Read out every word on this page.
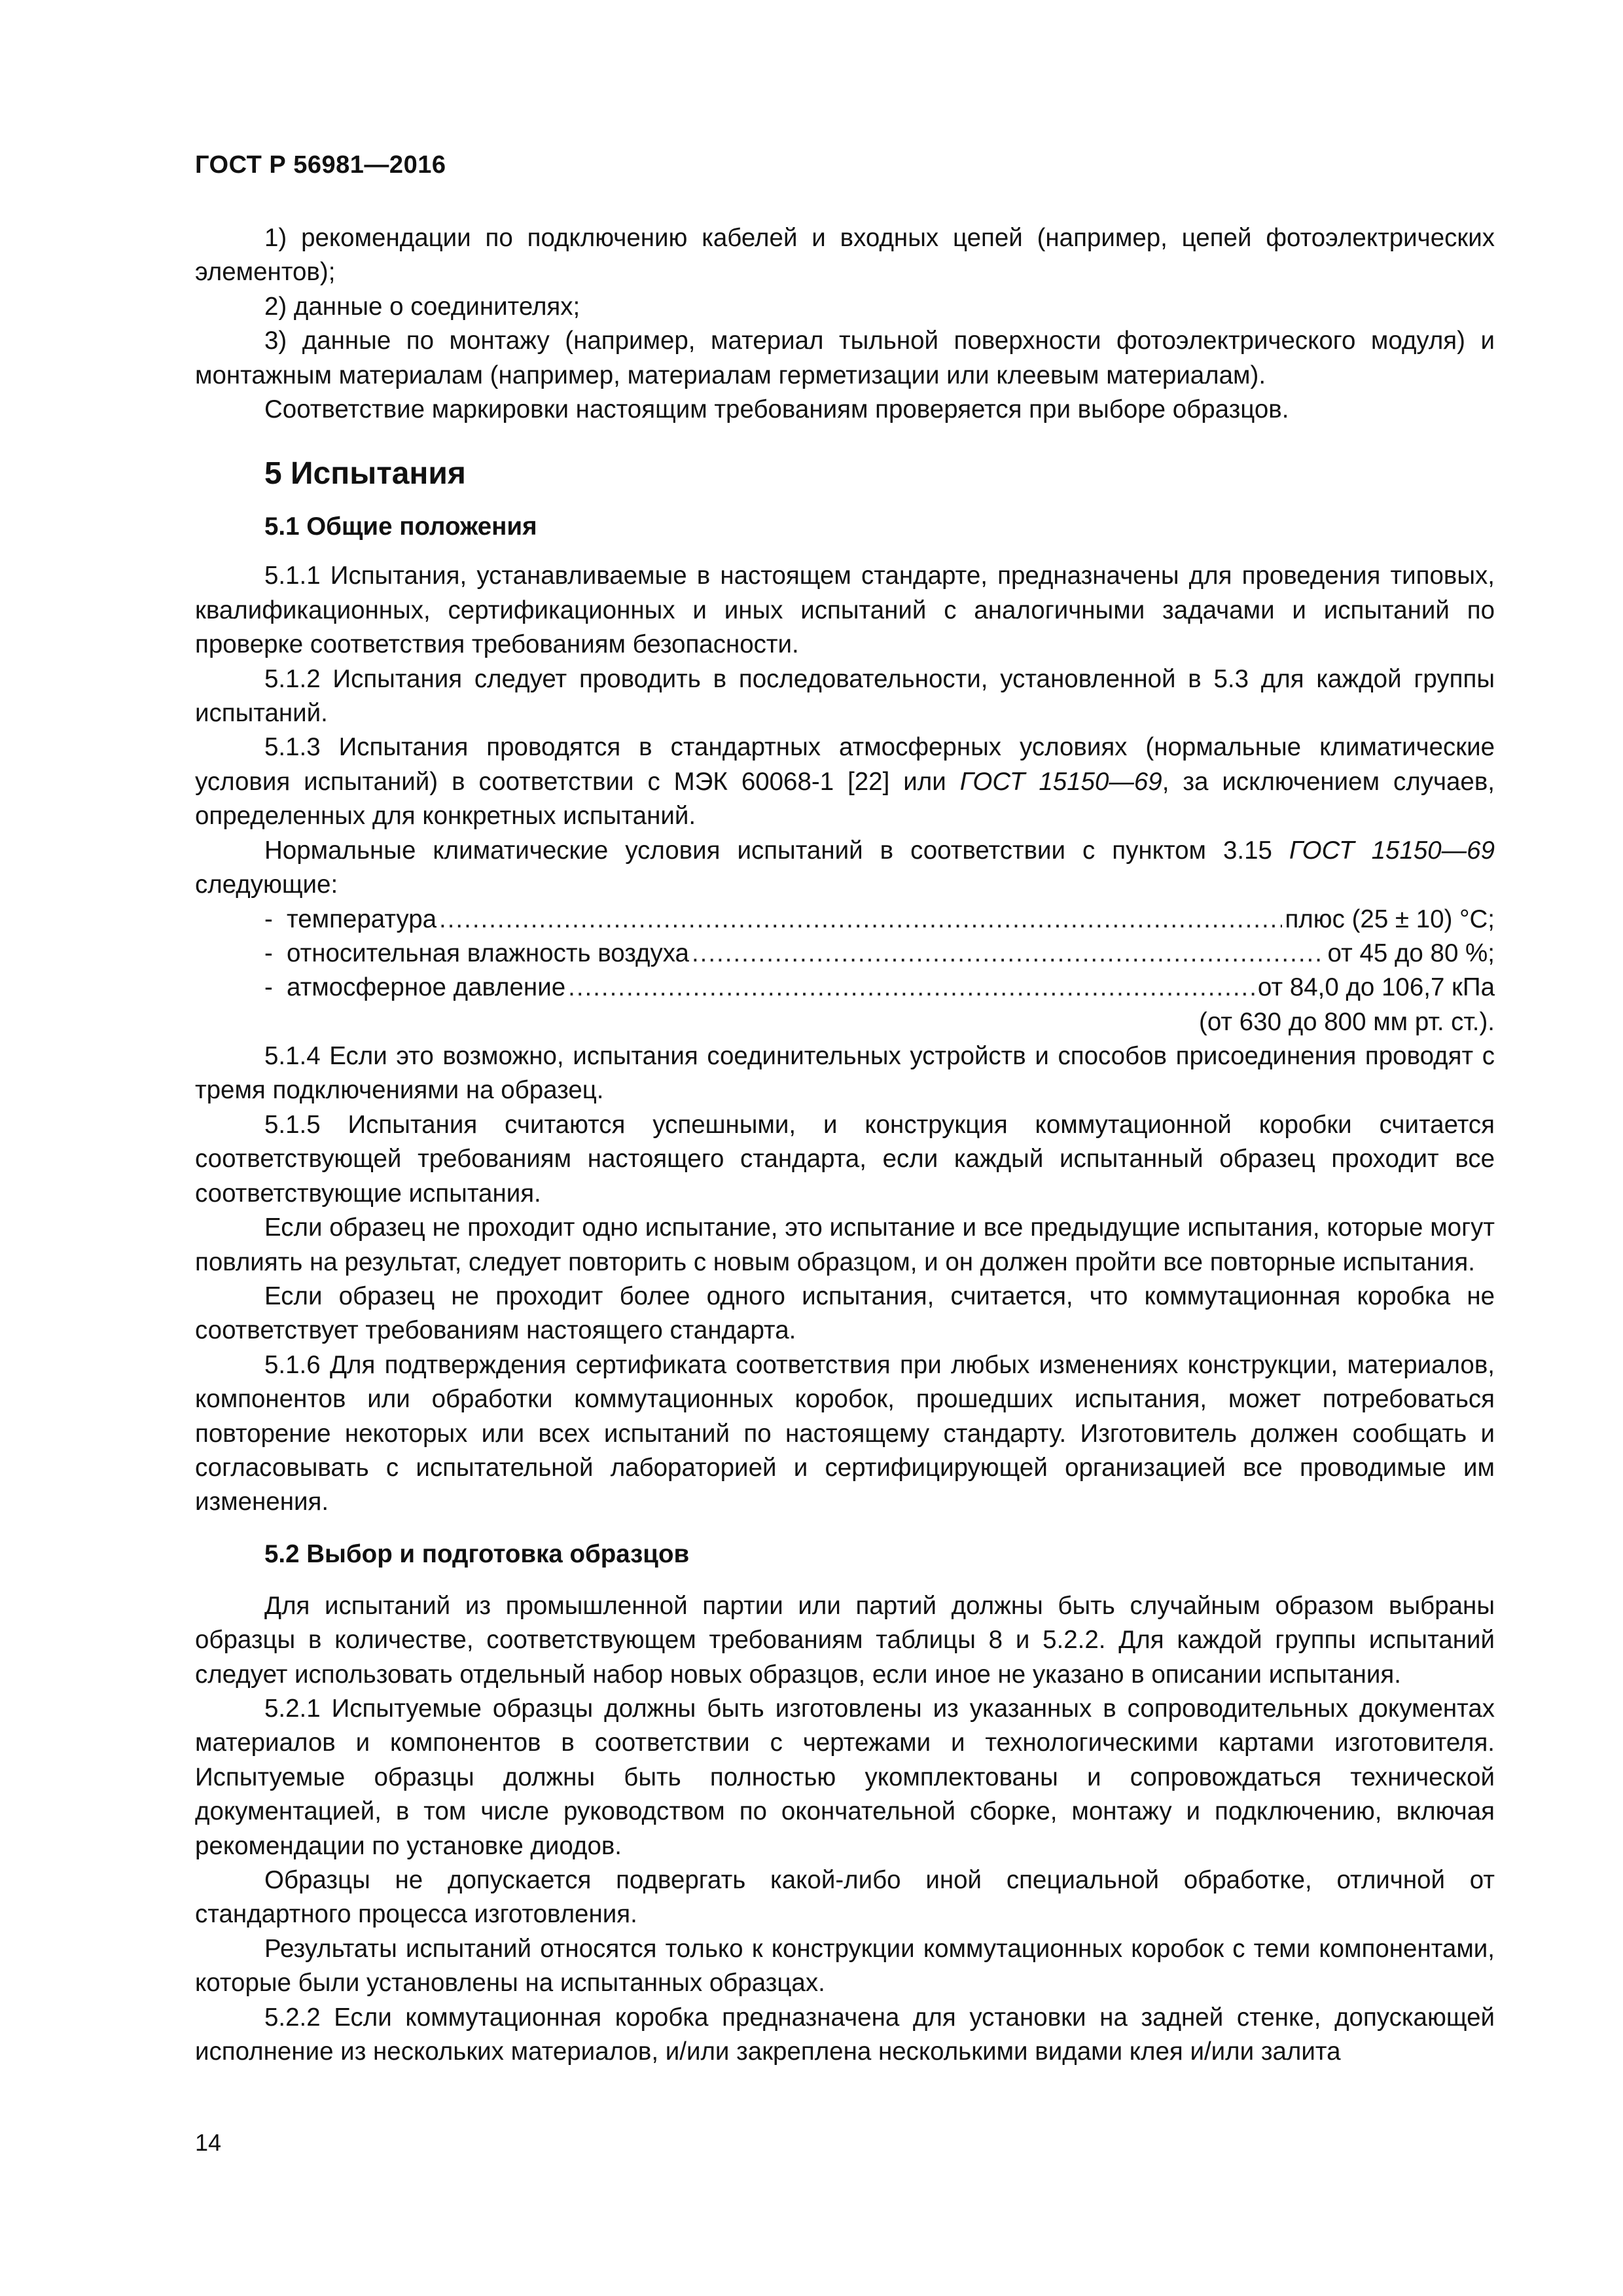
ГОСТ Р 56981—2016

1) рекомендации по подключению кабелей и входных цепей (например, цепей фотоэлектрических элементов);

2) данные о соединителях;

3) данные по монтажу (например, материал тыльной поверхности фотоэлектрического модуля) и монтажным материалам (например, материалам герметизации или клеевым материалам).

Соответствие маркировки настоящим требованиям проверяется при выборе образцов.

5 Испытания
5.1 Общие положения

5.1.1 Испытания, устанавливаемые в настоящем стандарте, предназначены для проведения типовых, квалификационных, сертификационных и иных испытаний с аналогичными задачами и испытаний по проверке соответствия требованиям безопасности.

5.1.2 Испытания следует проводить в последовательности, установленной в 5.3 для каждой группы испытаний.

5.1.3 Испытания проводятся в стандартных атмосферных условиях (нормальные климатические условия испытаний) в соответствии с МЭК 60068-1 [22] или ГОСТ 15150—69, за исключением случаев, определенных для конкретных испытаний.

Нормальные климатические условия испытаний в соответствии с пунктом 3.15 ГОСТ 15150—69 следующие:

- температура .....	плюс (25 ± 10) °С;
- относительная влажность воздуха .....	от 45 до 80 %;
- атмосферное давление .....	от 84,0 до 106,7 кПа
(от 630 до 800 мм рт. ст.).

5.1.4 Если это возможно, испытания соединительных устройств и способов присоединения проводят с тремя подключениями на образец.

5.1.5 Испытания считаются успешными, и конструкция коммутационной коробки считается соответствующей требованиям настоящего стандарта, если каждый испытанный образец проходит все соответствующие испытания.

Если образец не проходит одно испытание, это испытание и все предыдущие испытания, которые могут повлиять на результат, следует повторить с новым образцом, и он должен пройти все повторные испытания.

Если образец не проходит более одного испытания, считается, что коммутационная коробка не соответствует требованиям настоящего стандарта.

5.1.6 Для подтверждения сертификата соответствия при любых изменениях конструкции, материалов, компонентов или обработки коммутационных коробок, прошедших испытания, может потребоваться повторение некоторых или всех испытаний по настоящему стандарту. Изготовитель должен сообщать и согласовывать с испытательной лабораторией и сертифицирующей организацией все проводимые им изменения.

5.2 Выбор и подготовка образцов

Для испытаний из промышленной партии или партий должны быть случайным образом выбраны образцы в количестве, соответствующем требованиям таблицы 8 и 5.2.2. Для каждой группы испытаний следует использовать отдельный набор новых образцов, если иное не указано в описании испытания.

5.2.1 Испытуемые образцы должны быть изготовлены из указанных в сопроводительных документах материалов и компонентов в соответствии с чертежами и технологическими картами изготовителя. Испытуемые образцы должны быть полностью укомплектованы и сопровождаться технической документацией, в том числе руководством по окончательной сборке, монтажу и подключению, включая рекомендации по установке диодов.

Образцы не допускается подвергать какой-либо иной специальной обработке, отличной от стандартного процесса изготовления.

Результаты испытаний относятся только к конструкции коммутационных коробок с теми компонентами, которые были установлены на испытанных образцах.

5.2.2 Если коммутационная коробка предназначена для установки на задней стенке, допускающей исполнение из нескольких материалов, и/или закреплена несколькими видами клея и/или залита

14
